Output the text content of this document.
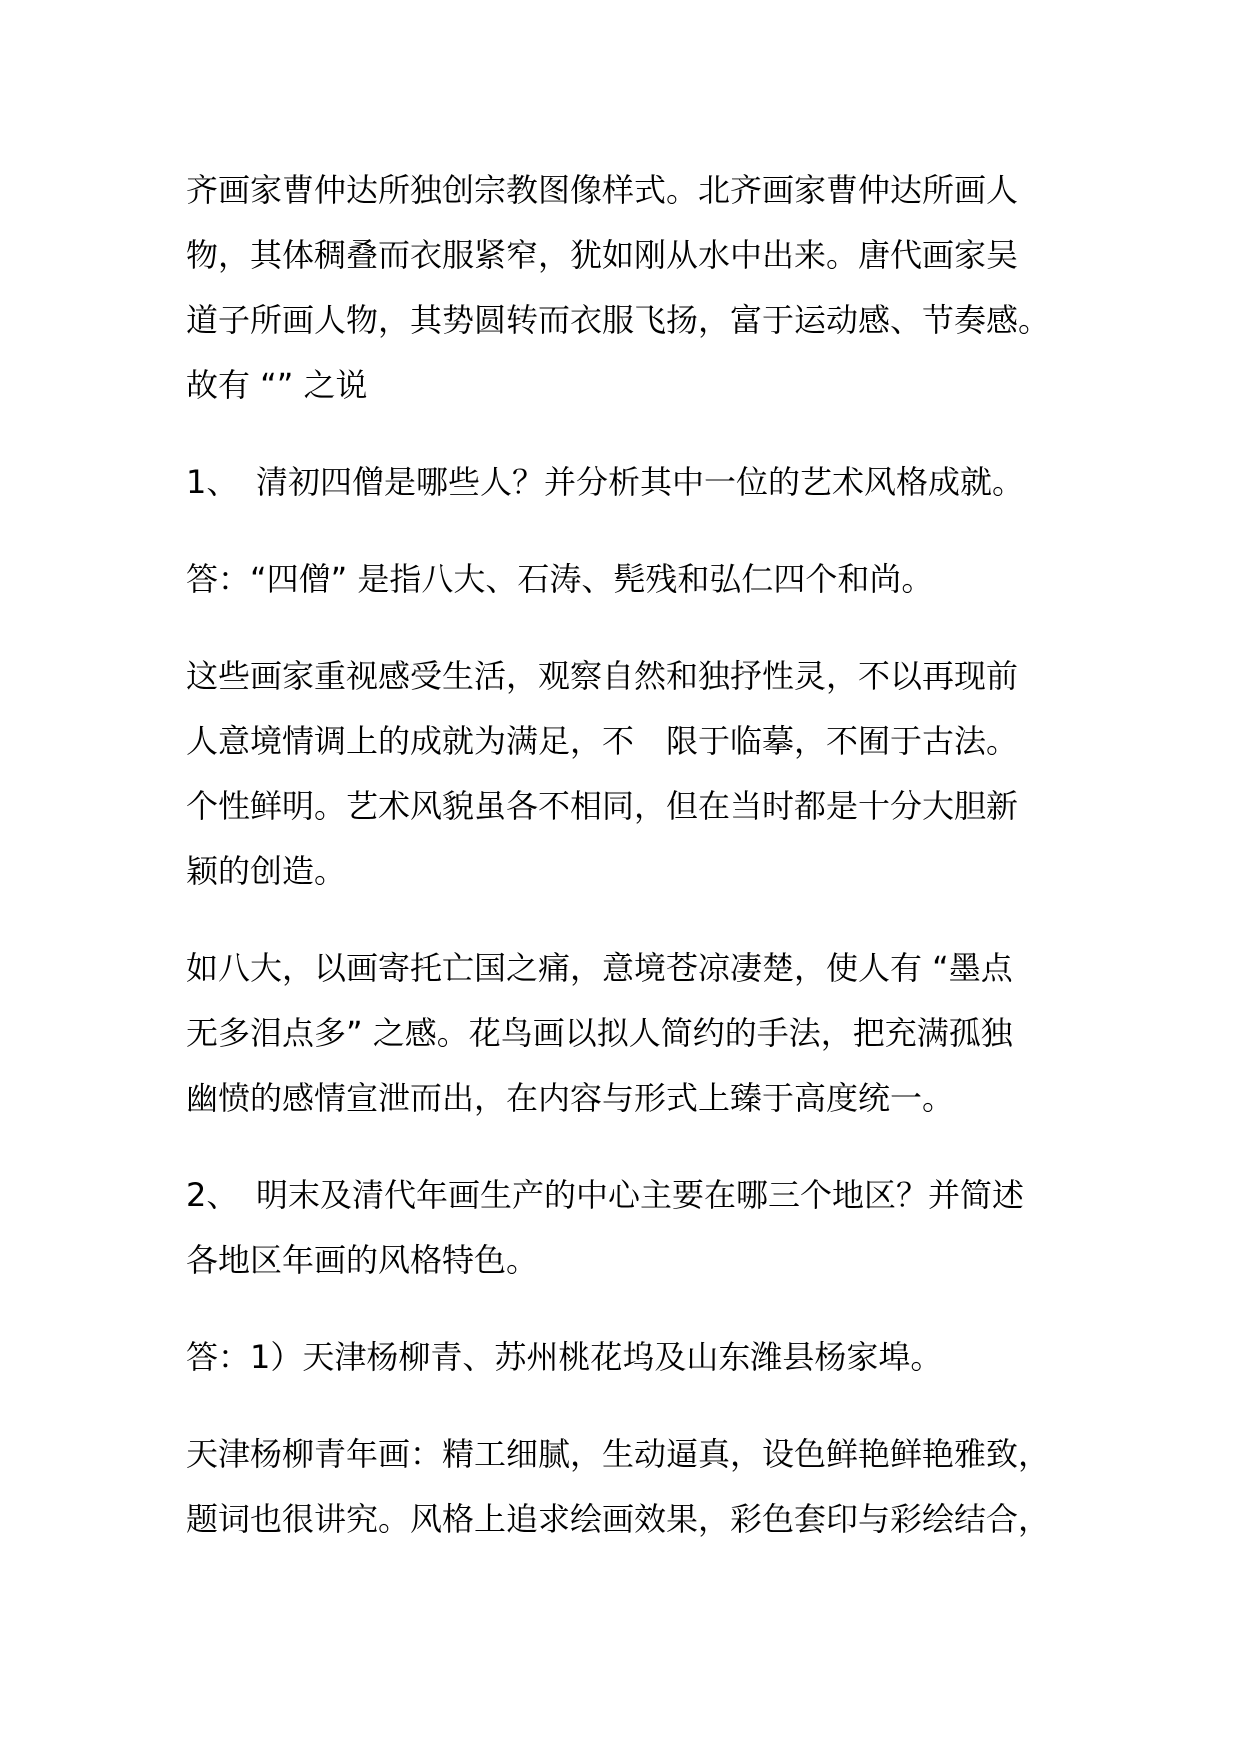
齐画家曹仲达所独创宗教图像样式。北齐画家曹仲达所画人
物，其体稠叠而衣服紧窄，犹如刚从水中出来。唐代画家吴
道子所画人物，其势圆转而衣服飞扬，富于运动感、节奏感。
故有 “” 之说
1、 清初四僧是哪些人？并分析其中一位的艺术风格成就。
答：“四僧” 是指八大、石涛、髡残和弘仁四个和尚。
这些画家重视感受生活，观察自然和独抒性灵，不以再现前
人意境情调上的成就为满足，不　限于临摹，不囿于古法。
个性鲜明。艺术风貌虽各不相同，但在当时都是十分大胆新
颖的创造。
如八大，以画寄托亡国之痛，意境苍凉凄楚，使人有 “墨点
无多泪点多” 之感。花鸟画以拟人简约的手法，把充满孤独
幽愤的感情宣泄而出，在内容与形式上臻于高度统一。
2、 明末及清代年画生产的中心主要在哪三个地区？并简述
各地区年画的风格特色。
答：1）天津杨柳青、苏州桃花坞及山东潍县杨家埠。
天津杨柳青年画：精工细腻，生动逼真，设色鲜艳鲜艳雅致，
题词也很讲究。风格上追求绘画效果，彩色套印与彩绘结合，
